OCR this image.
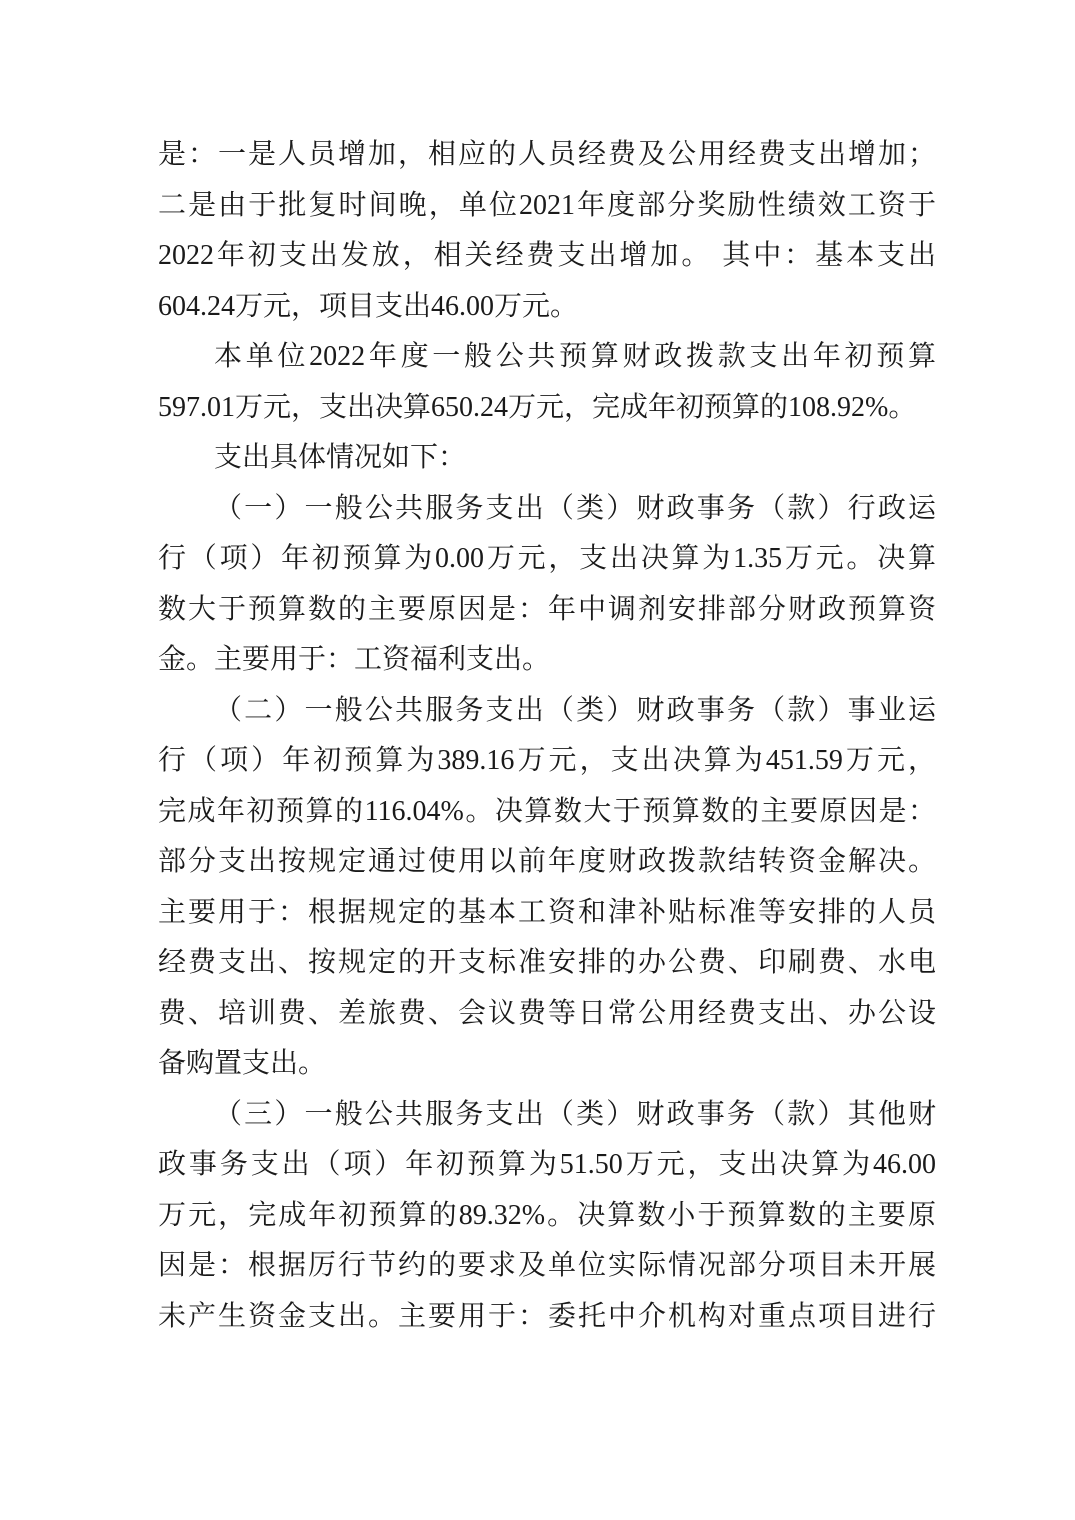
是：一是人员增加，相应的人员经费及公用经费支出增加；
二是由于批复时间晚，单位2021年度部分奖励性绩效工资于
2022年初支出发放，相关经费支出增加。 其中：基本支出
604.24万元，项目支出46.00万元。
本单位2022年度一般公共预算财政拨款支出年初预算
597.01万元，支出决算650.24万元，完成年初预算的108.92%。
支出具体情况如下：
（一）一般公共服务支出（类）财政事务（款）行政运
行（项）年初预算为0.00万元，支出决算为1.35万元。决算
数大于预算数的主要原因是：年中调剂安排部分财政预算资
金。主要用于：工资福利支出。
（二）一般公共服务支出（类）财政事务（款）事业运
行（项）年初预算为389.16万元，支出决算为451.59万元，
完成年初预算的116.04%。决算数大于预算数的主要原因是：
部分支出按规定通过使用以前年度财政拨款结转资金解决。
主要用于：根据规定的基本工资和津补贴标准等安排的人员
经费支出、按规定的开支标准安排的办公费、印刷费、水电
费、培训费、差旅费、会议费等日常公用经费支出、办公设
备购置支出。
（三）一般公共服务支出（类）财政事务（款）其他财
政事务支出（项）年初预算为51.50万元，支出决算为46.00
万元，完成年初预算的89.32%。决算数小于预算数的主要原
因是：根据厉行节约的要求及单位实际情况部分项目未开展
未产生资金支出。主要用于：委托中介机构对重点项目进行
